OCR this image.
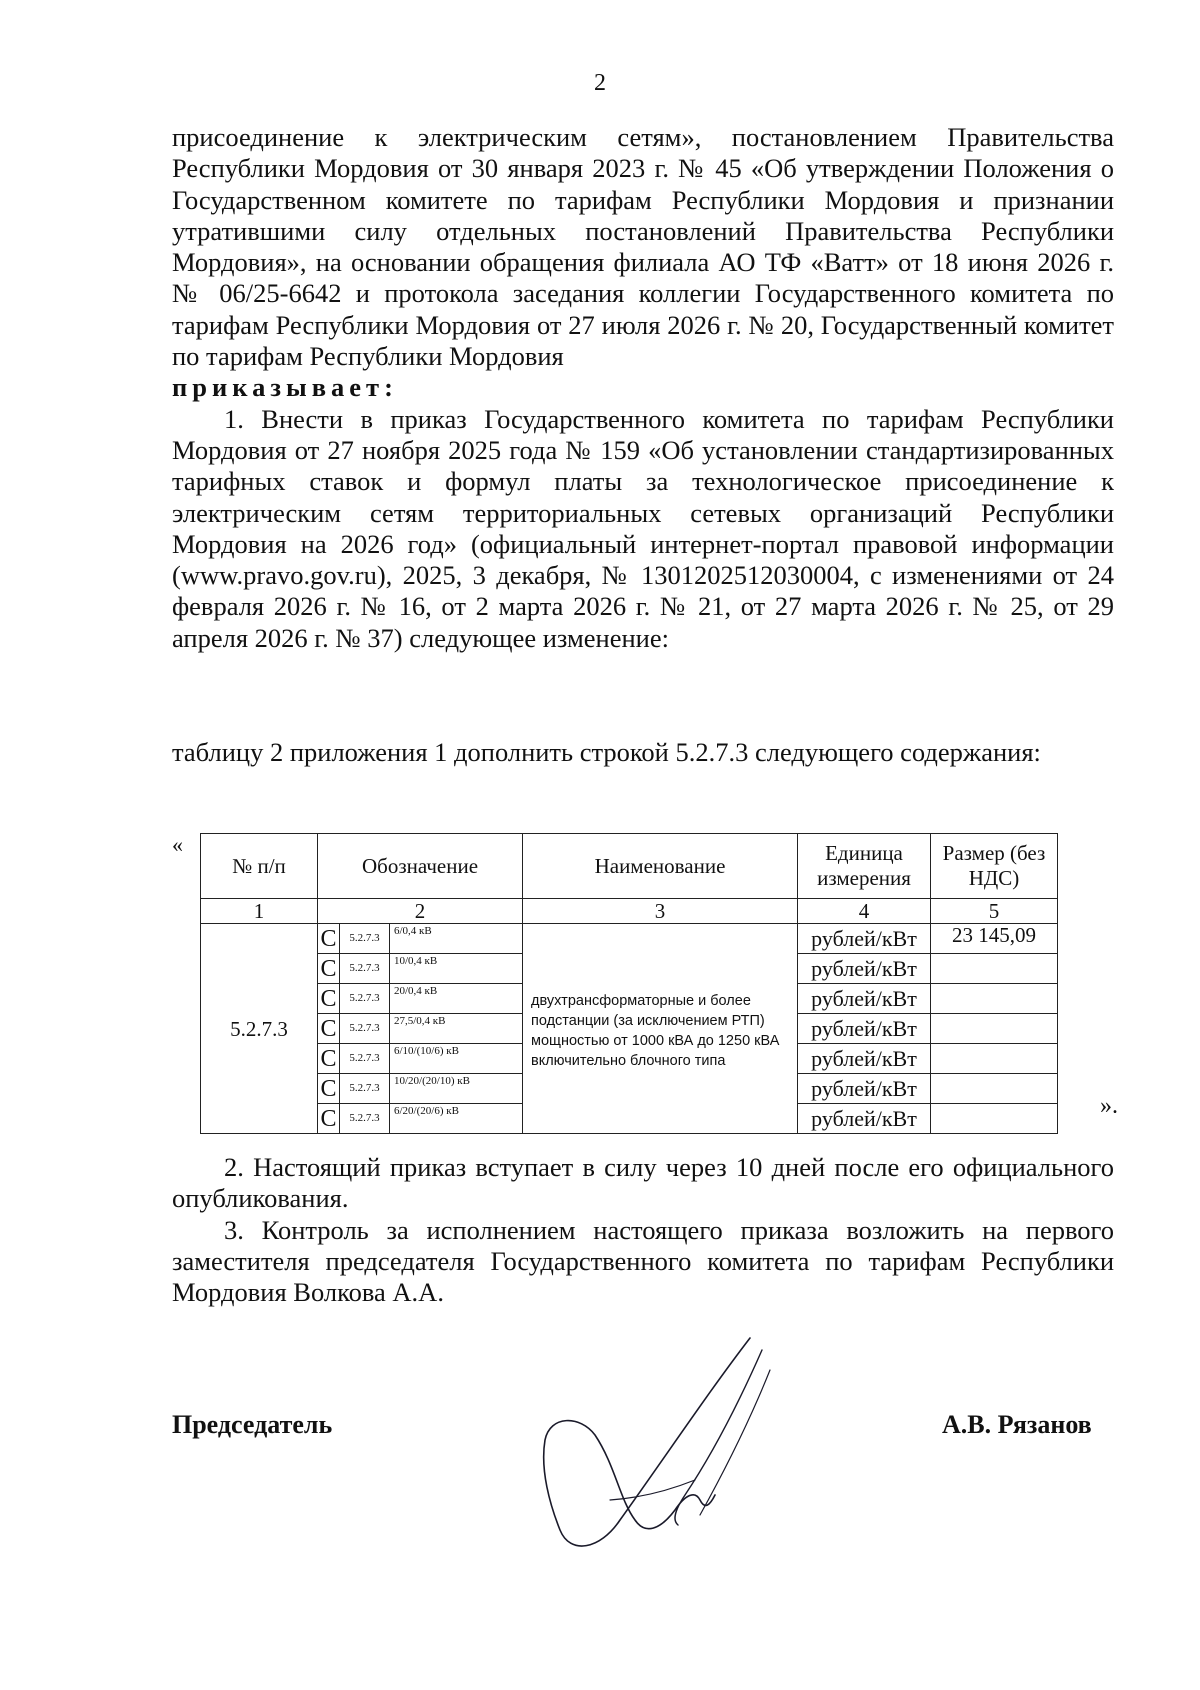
2

присоединение к электрическим сетям», постановлением Правительства Республики Мордовия от 30 января 2023 г. № 45 «Об утверждении Положения о Государственном комитете по тарифам Республики Мордовия и признании утратившими силу отдельных постановлений Правительства Республики Мордовия», на основании обращения филиала АО ТФ «Ватт» от 18 июня 2026 г. № 06/25-6642 и протокола заседания коллегии Государственного комитета по тарифам Республики Мордовия от 27 июля 2026 г. № 20, Государственный комитет по тарифам Республики Мордовия

приказывает:

1. Внести в приказ Государственного комитета по тарифам Республики Мордовия от 27 ноября 2025 года № 159 «Об установлении стандартизированных тарифных ставок и формул платы за технологическое присоединение к электрическим сетям территориальных сетевых организаций Республики Мордовия на 2026 год» (официальный интернет-портал правовой информации (www.pravo.gov.ru), 2025, 3 декабря, № 1301202512030004, с изменениями от 24 февраля 2026 г. № 16, от 2 марта 2026 г. № 21, от 27 марта 2026 г. № 25, от 29 апреля 2026 г. № 37) следующее изменение:

таблицу 2 приложения 1 дополнить строкой 5.2.7.3 следующего содержания:
«
№ п/п	Обозначение			Наименование	Единица измерения	Размер (без НДС)
1	2			3	4	5
5.2.7.3	С	5.2.7.3	6/0,4 кВ	двухтрансформаторные и более подстанции (за исключением РТП) мощностью от 1000 кВА до 1250 кВА включительно блочного типа	рублей/кВт	23 145,09
	С	5.2.7.3	10/0,4 кВ		рублей/кВт	
	С	5.2.7.3	20/0,4 кВ		рублей/кВт	
	С	5.2.7.3	27,5/0,4 кВ		рублей/кВт	
	С	5.2.7.3	6/10/(10/6) кВ		рублей/кВт	
	С	5.2.7.3	10/20/(20/10) кВ		рублей/кВт	
	С	5.2.7.3	6/20/(20/6) кВ		рублей/кВт		».

2. Настоящий приказ вступает в силу через 10 дней после его официального опубликования.

3. Контроль за исполнением настоящего приказа возложить на первого заместителя председателя Государственного комитета по тарифам Республики Мордовия Волкова А.А.

Председатель	А.В. Рязанов
